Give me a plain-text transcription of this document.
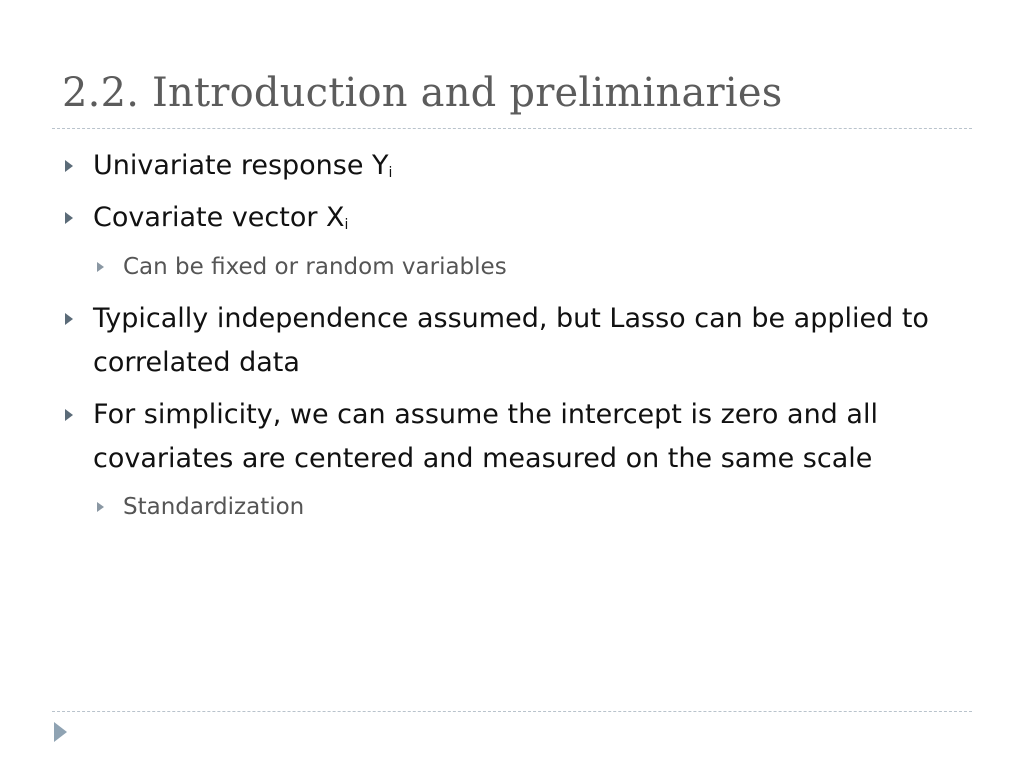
2.2. Introduction and preliminaries
Univariate response $Y_i$
Covariate vector $X_i$
Can be fixed or random variables
Typically independence assumed, but Lasso can be applied to correlated data
For simplicity, we can assume the intercept is zero and all covariates are centered and measured on the same scale
Standardization
